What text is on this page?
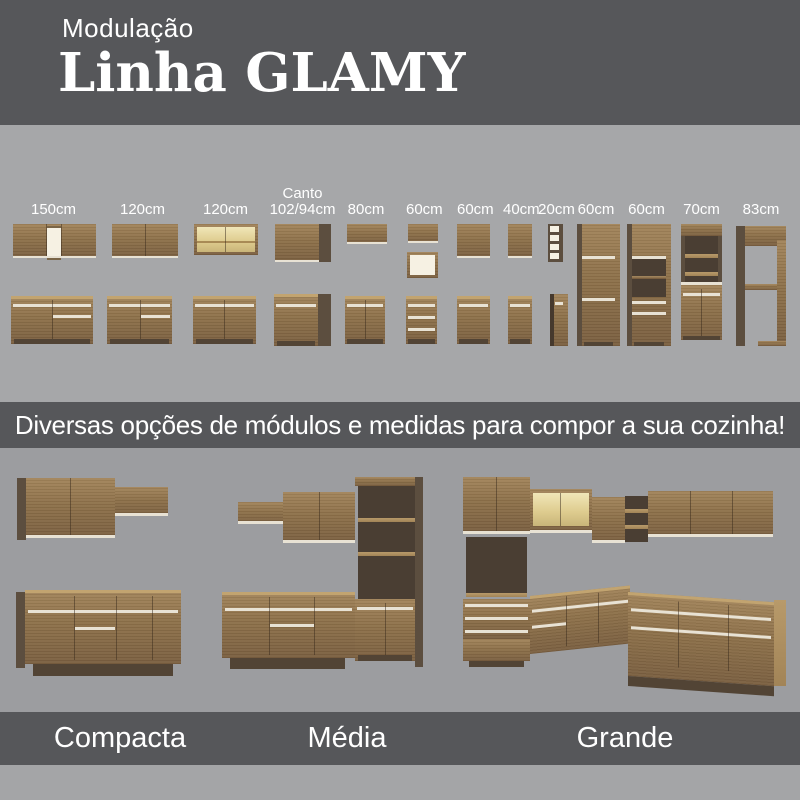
Modulação
Linha GLAMY
Diversas opções de módulos e medidas para compor a sua cozinha!
Compacta	Média	Grande
150cm	120cm	120cm
Canto
102/94cm 80cm 60cm 60cm 40cm
20cm 60cm 60cm 70cm	83cm
